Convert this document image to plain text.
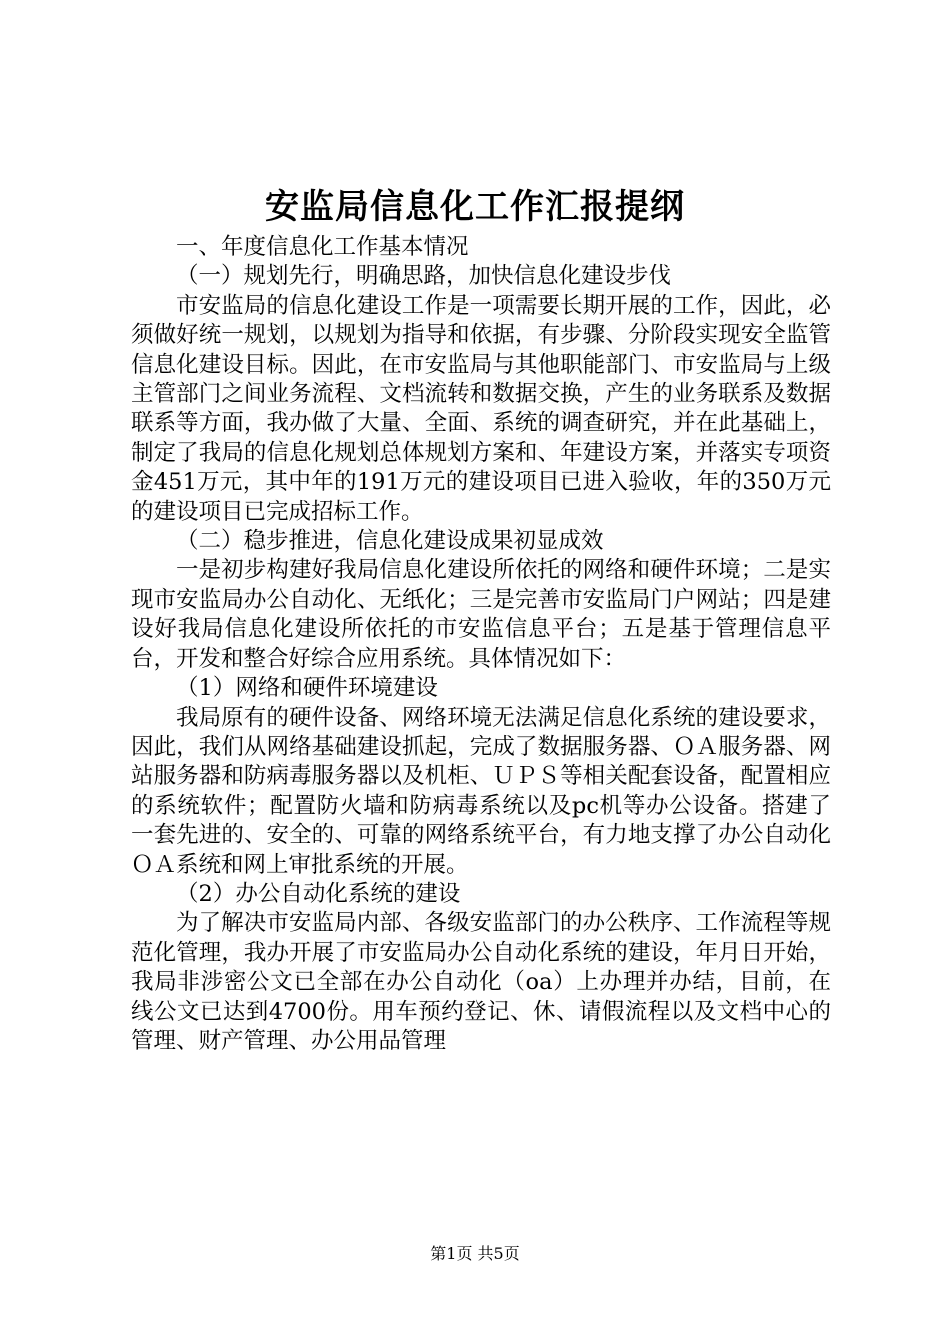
安监局信息化工作汇报提纲

一、年度信息化工作基本情况

（一）规划先行，明确思路，加快信息化建设步伐

市安监局的信息化建设工作是一项需要长期开展的工作，因此，必须做好统一规划，以规划为指导和依据，有步骤、分阶段实现安全监管信息化建设目标。因此，在市安监局与其他职能部门、市安监局与上级主管部门之间业务流程、文档流转和数据交换，产生的业务联系及数据联系等方面，我办做了大量、全面、系统的调查研究，并在此基础上，制定了我局的信息化规划总体规划方案和、年建设方案，并落实专项资金451万元，其中年的191万元的建设项目已进入验收，年的350万元的建设项目已完成招标工作。

（二）稳步推进，信息化建设成果初显成效

一是初步构建好我局信息化建设所依托的网络和硬件环境；二是实现市安监局办公自动化、无纸化；三是完善市安监局门户网站；四是建设好我局信息化建设所依托的市安监信息平台；五是基于管理信息平台，开发和整合好综合应用系统。具体情况如下：

（1）网络和硬件环境建设

我局原有的硬件设备、网络环境无法满足信息化系统的建设要求，因此，我们从网络基础建设抓起，完成了数据服务器、ＯＡ服务器、网站服务器和防病毒服务器以及机柜、ＵＰＳ等相关配套设备，配置相应的系统软件；配置防火墙和防病毒系统以及pc机等办公设备。搭建了一套先进的、安全的、可靠的网络系统平台，有力地支撑了办公自动化ＯＡ系统和网上审批系统的开展。

（2）办公自动化系统的建设

为了解决市安监局内部、各级安监部门的办公秩序、工作流程等规范化管理，我办开展了市安监局办公自动化系统的建设，年月日开始，我局非涉密公文已全部在办公自动化（oa）上办理并办结，目前，在线公文已达到4700份。用车预约登记、休、请假流程以及文档中心的管理、财产管理、办公用品管理

第1页 共5页
